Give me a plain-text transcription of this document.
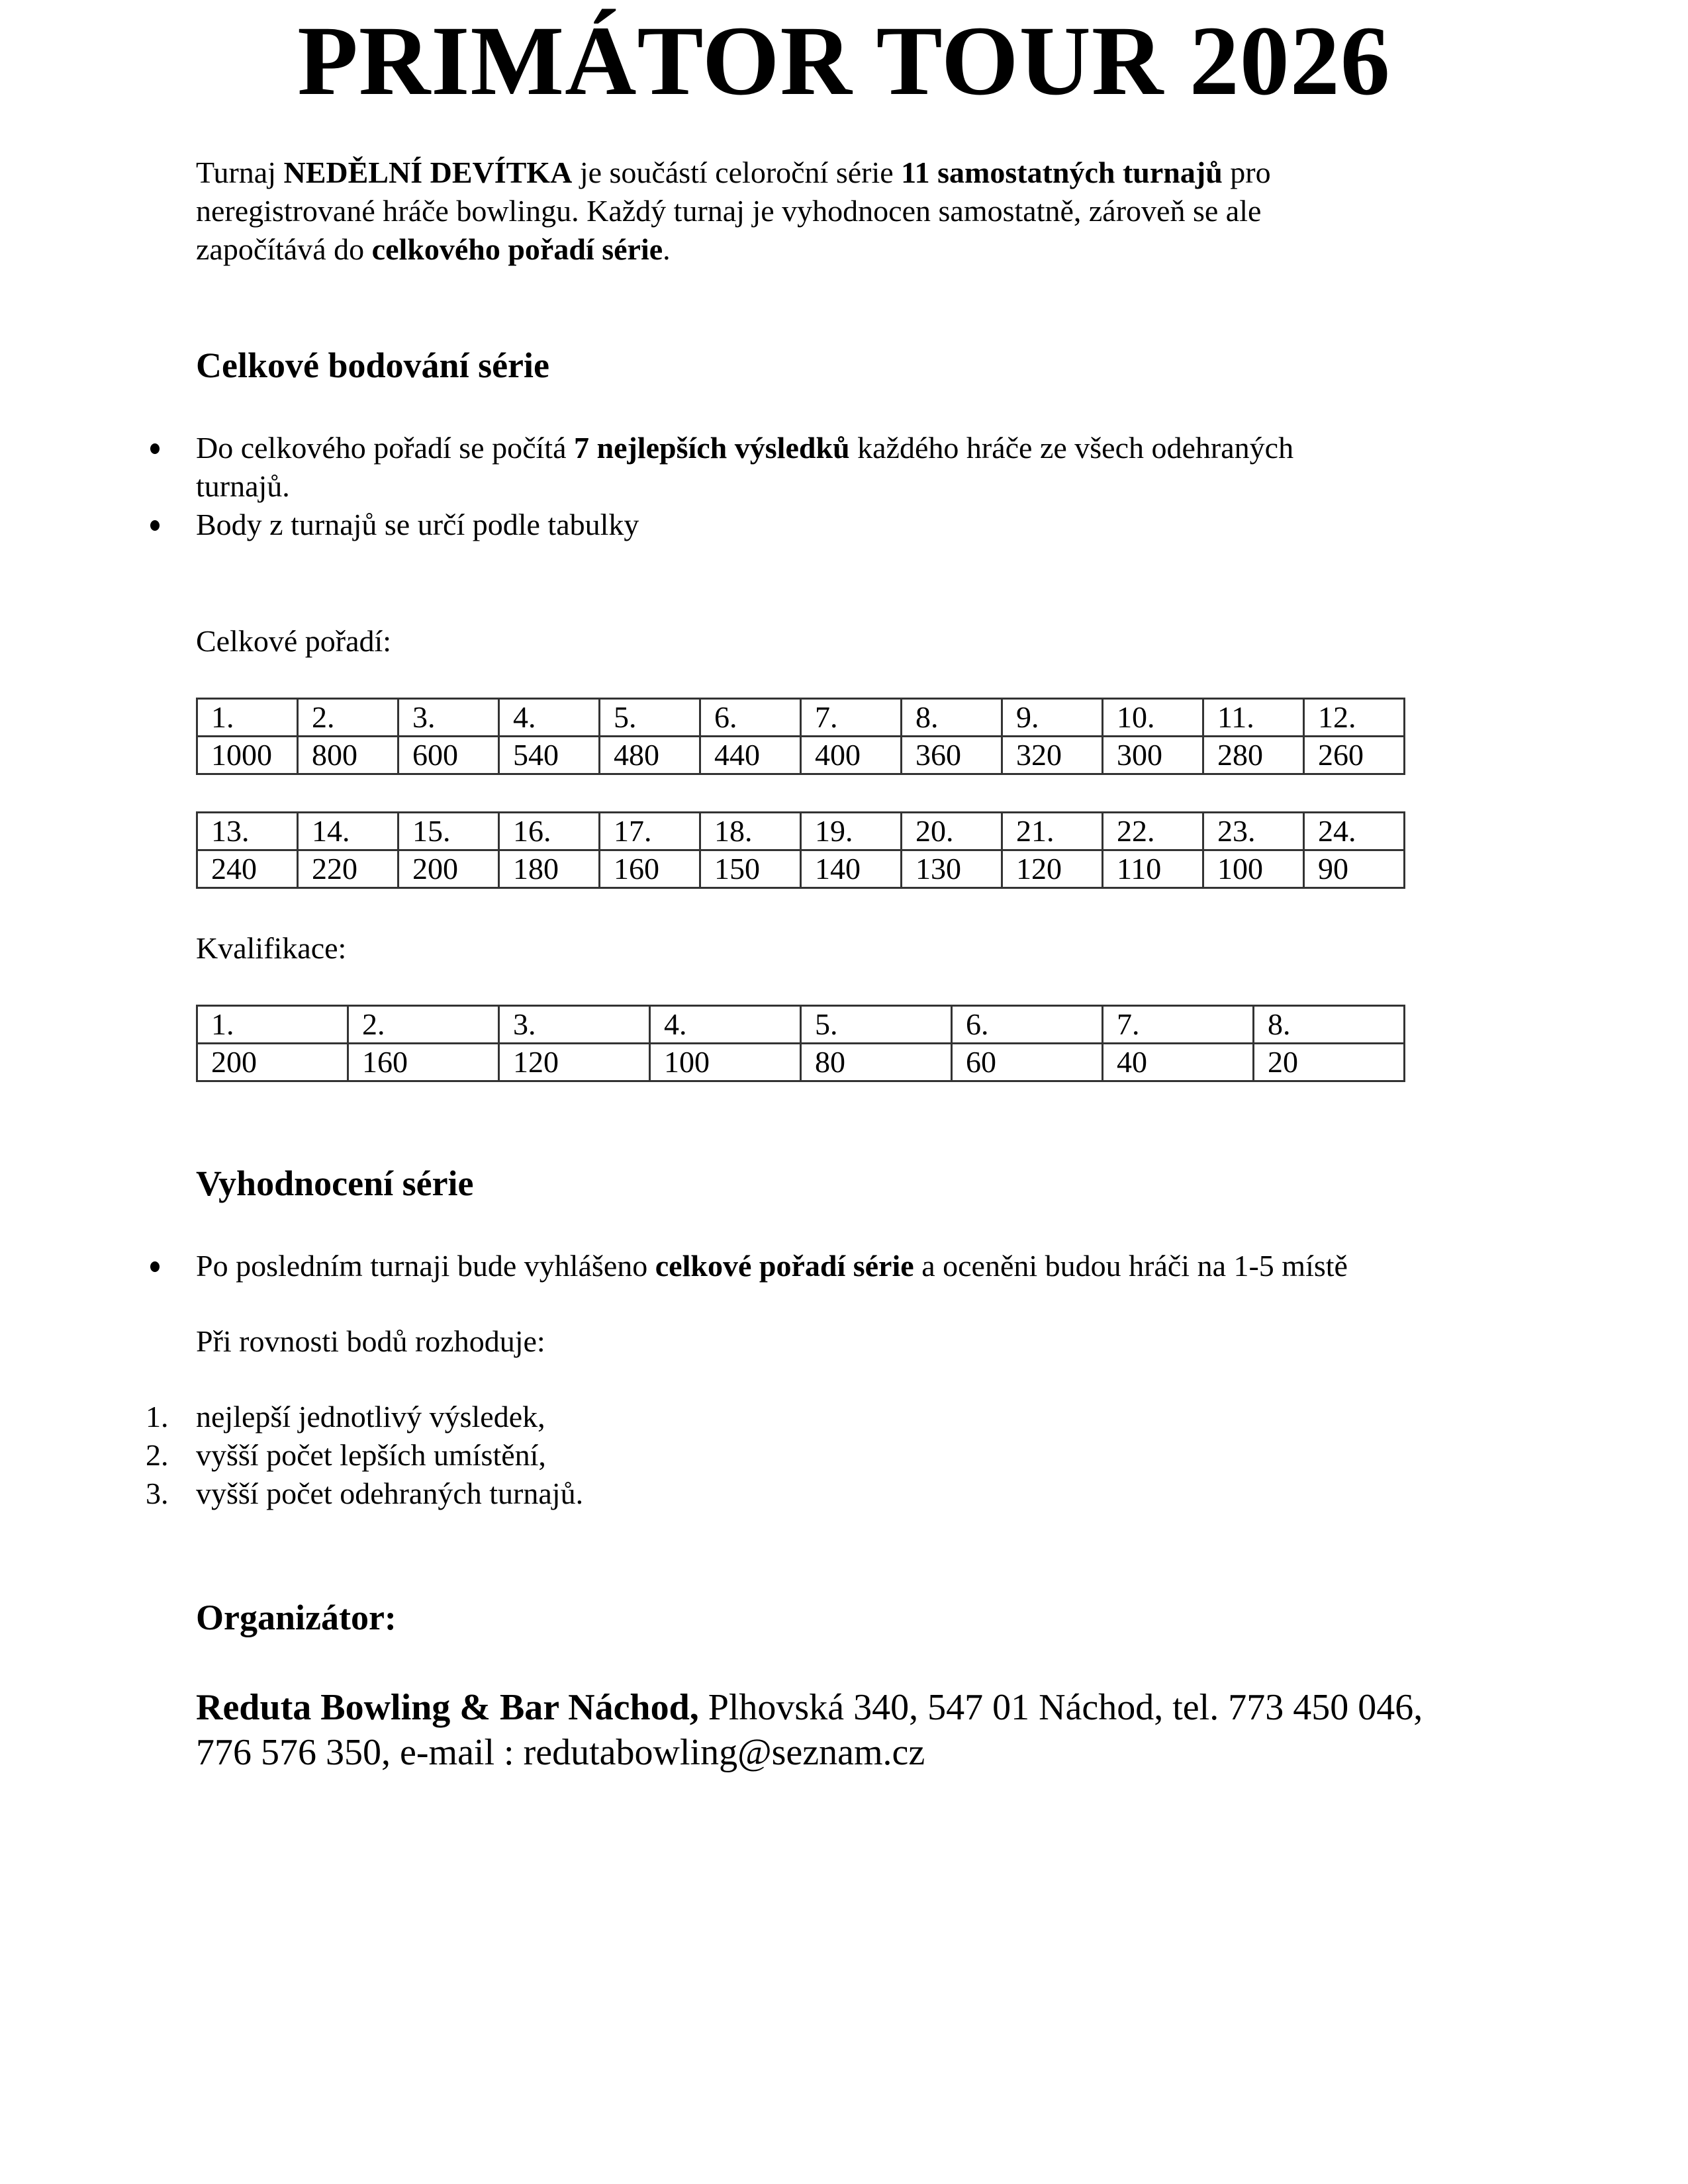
PRIMÁTOR TOUR 2026
Turnaj NEDĚLNÍ DEVÍTKA je součástí celoroční série 11 samostatných turnajů pro
neregistrované hráče bowlingu. Každý turnaj je vyhodnocen samostatně, zároveň se ale
započítává do celkového pořadí série.
Celkové bodování série
Do celkového pořadí se počítá 7 nejlepších výsledků každého hráče ze všech odehraných
turnajů.
Body z turnajů se určí podle tabulky
Celkové pořadí:
1.	2.	3.	4.	5.	6.	7.	8.	9.	10.	11.	12.
1000	800	600	540	480	440	400	360	320	300	280	260
13.	14.	15.	16.	17.	18.	19.	20.	21.	22.	23.	24.
240	220	200	180	160	150	140	130	120	110	100	90
Kvalifikace:
1.	2.	3.	4.	5.	6.	7.	8.
200	160	120	100	80	60	40	20
Vyhodnocení série
Po posledním turnaji bude vyhlášeno celkové pořadí série a oceněni budou hráči na 1-5 místě
Při rovnosti bodů rozhoduje:
1. nejlepší jednotlivý výsledek,
2. vyšší počet lepších umístění,
3. vyšší počet odehraných turnajů.
Organizátor:
Reduta Bowling & Bar Náchod, Plhovská 340, 547 01 Náchod, tel. 773 450 046,
776 576 350, e-mail : redutabowling@seznam.cz
